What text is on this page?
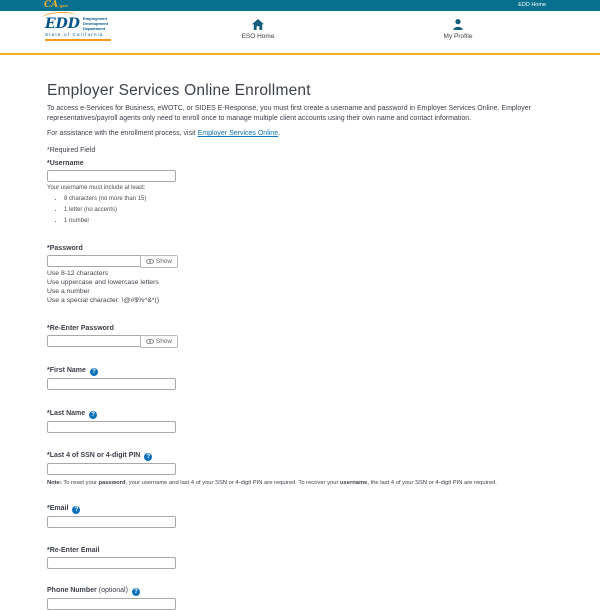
CA.gov	EDD Home
EDD Employment
Development
Department
State of California	ESO Home	My Profile
Employer Services Online Enrollment

To access e-Services for Business, eWOTC, or SIDES E-Response, you must first create a username and password in Employer Services Online. Employer representatives/payroll agents only need to enroll once to manage multiple client accounts using their own name and contact information.

For assistance with the enrollment process, visit Employer Services Online.

*Required Field

*Username
Your username must include at least:
• 8 characters (no more than 15)
• 1 letter (no accents)
• 1 number
*Password
Show
Use 8-12 characters
Use uppercase and lowercase letters
Use a number
Use a special character: !@#$%^&*()
*Re-Enter Password
Show
*First Name ?
*Last Name ?
*Last 4 of SSN or 4-digit PIN ?

Note: To reset your password, your username and last 4 of your SSN or 4-digit PIN are required. To recover your username, the last 4 of your SSN or 4-digit PIN are required.

*Email ?
*Re-Enter Email
Phone Number (optional) ?
